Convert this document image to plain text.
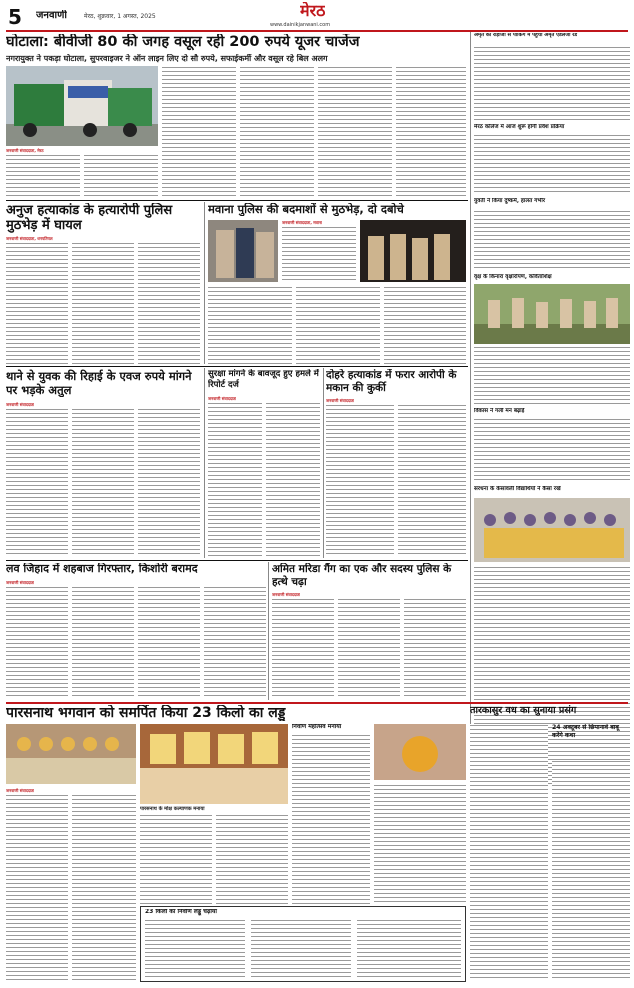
5 जनवाणी	मेरठ, शुक्रवार, 1 अगस्त, 2025	मेरठ
www.dainikjanwani.com
घोटाला: बीवीजी 80 की जगह वसूल रही 200 रुपये यूजर चार्जेज
नगरायुक्त ने पकड़ा घोटाला, सुपरवाइजर ने ऑन लाइन लिए दो सौ रुपये, सफाईकर्मी और वसूल रहे बिल अलग
जनवाणी संवाददाता, मेरठ
अमृत की रोड़ाजी से पार्किंग में पहुंची अमृत एडेलजी रेड
मेरठ कॉलेज में आज शुरू होगी प्रवेश प्रक्रिया
युवती ने किया दुष्कर्म, हालत गंभीर
वृक्ष के किनारा वृक्षारोपण, कविताशिक्ष
विकास ने गली मन बढ़ाई
सरधना के केसावली विद्यार्थियों ने कैसा रखें
अनुज हत्याकांड के हत्यारोपी पुलिस मुठभेड़ में घायल
जनवाणी संवाददाता, धनपतियल
मवाना पुलिस की बदमाशों से मुठभेड़, दो दबोचे
जनवाणी संवाददाता, मवाना
थाने से युवक की रिहाई के एवज रुपये मांगने पर भड़के अतुल
जनवाणी संवाददाता
सुरक्षा मांगने के बावजूद हुए हमले में रिपोर्ट दर्ज
जनवाणी संवाददाता
दोहरे हत्याकांड में फरार आरोपी के मकान की कुर्की
जनवाणी संवाददाता
लव जिहाद में शहबाज गिरफ्तार, किशोरी बरामद
जनवाणी संवाददाता
अमित मरिडा गैंग का एक और सदस्य पुलिस के हत्थे चढ़ा
जनवाणी संवाददाता
पारसनाथ भगवान को समर्पित किया 23 किलो का लड्डू	तारकासुर वध का सुनाया प्रसंग
जनवाणी संवाददाता
पारसनाथ के मोक्ष कल्याणक मनाया
निर्वाण महोत्सव मनाया
23 किलो का निर्वाण लड्डू चढ़ाया
24 अक्टूबर से छिपानावे बाबू करेंगे कथा
